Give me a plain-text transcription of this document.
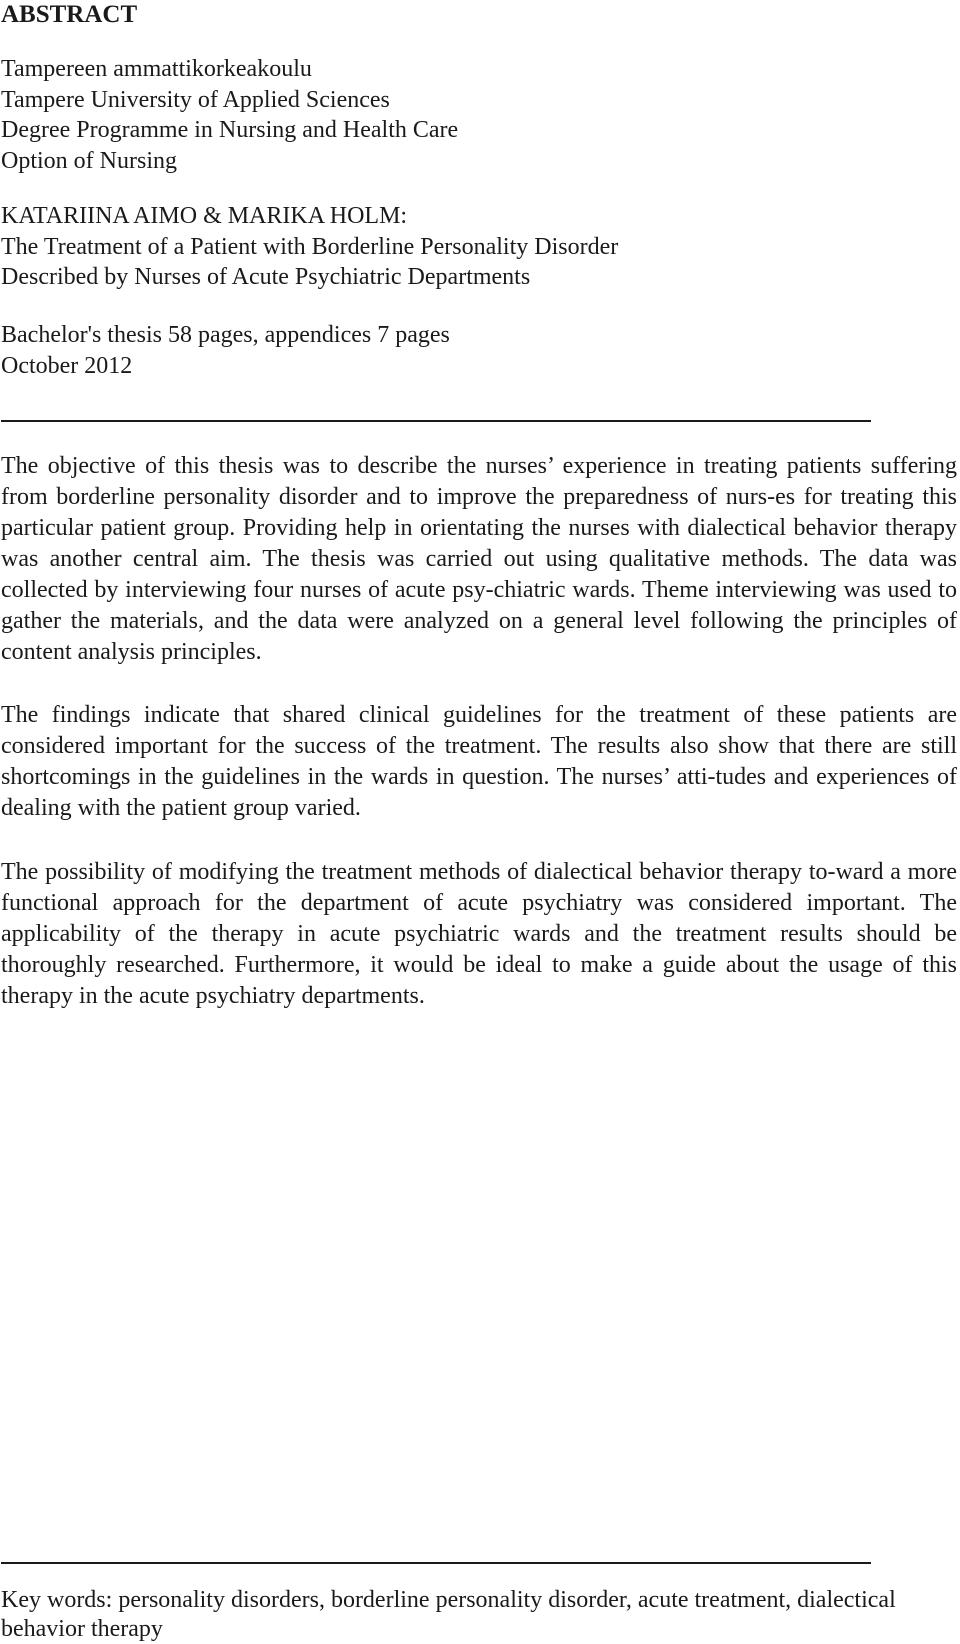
ABSTRACT
Tampereen ammattikorkeakoulu
Tampere University of Applied Sciences
Degree Programme in Nursing and Health Care
Option of Nursing
KATARIINA AIMO & MARIKA HOLM:
The Treatment of a Patient with Borderline Personality Disorder
Described by Nurses of Acute Psychiatric Departments
Bachelor's thesis 58 pages, appendices 7 pages
October 2012

The objective of this thesis was to describe the nurses’ experience in treating patients suffering from borderline personality disorder and to improve the preparedness of nurs-es for treating this particular patient group. Providing help in orientating the nurses with dialectical behavior therapy was another central aim. The thesis was carried out using qualitative methods. The data was collected by interviewing four nurses of acute psy-chiatric wards. Theme interviewing was used to gather the materials, and the data were analyzed on a general level following the principles of content analysis principles.

The findings indicate that shared clinical guidelines for the treatment of these patients are considered important for the success of the treatment. The results also show that there are still shortcomings in the guidelines in the wards in question. The nurses’ atti-tudes and experiences of dealing with the patient group varied.

The possibility of modifying the treatment methods of dialectical behavior therapy to-ward a more functional approach for the department of acute psychiatry was considered important. The applicability of the therapy in acute psychiatric wards and the treatment results should be thoroughly researched. Furthermore, it would be ideal to make a guide about the usage of this therapy in the acute psychiatry departments.

Key words: personality disorders, borderline personality disorder, acute treatment, dialectical behavior therapy
